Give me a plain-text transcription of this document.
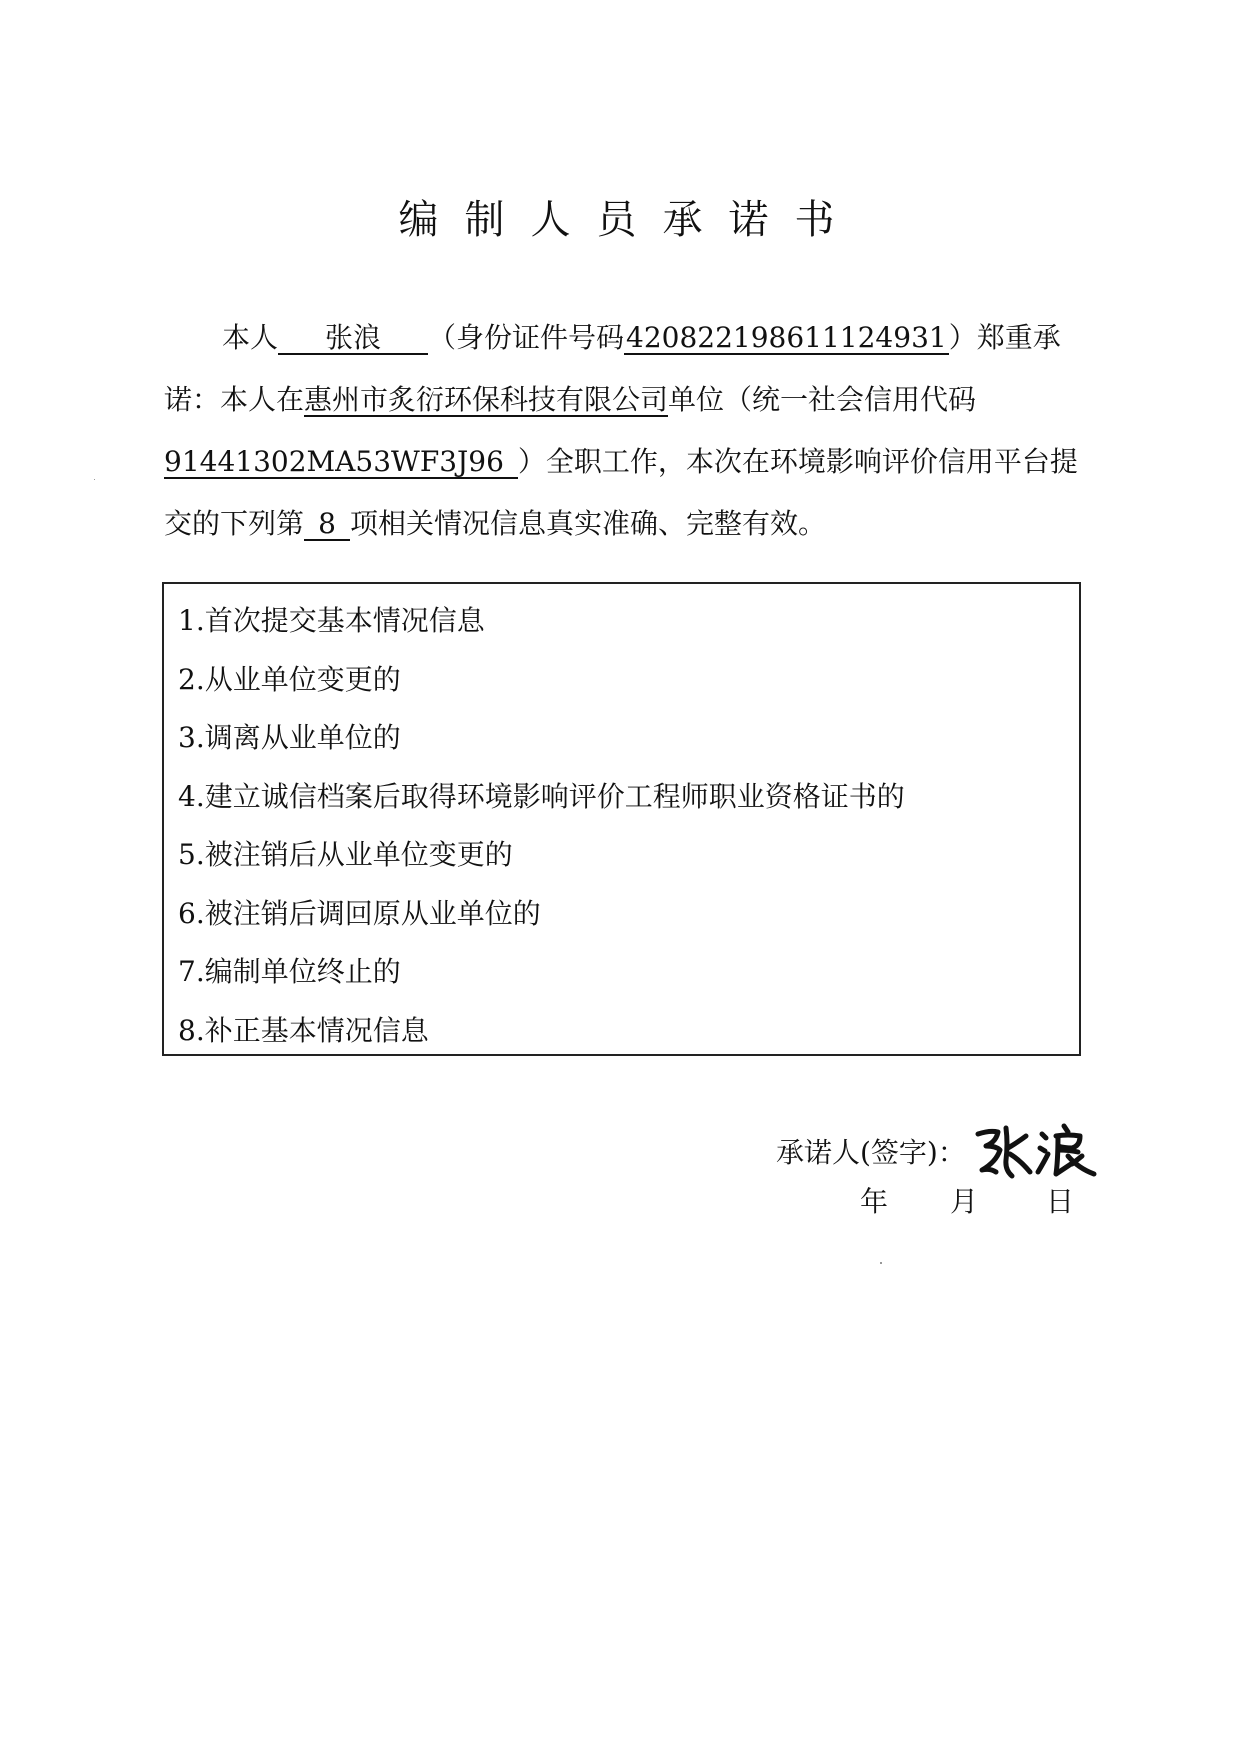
编制人员承诺书
本人 张浪 （身份证件号码420822198611124931）郑重承
诺：本人在惠州市炙衍环保科技有限公司单位（统一社会信用代码
91441302MA53WF3J96 ）全职工作，本次在环境影响评价信用平台提
交的下列第 8 项相关情况信息真实准确、完整有效。
1.首次提交基本情况信息
2.从业单位变更的
3.调离从业单位的
4.建立诚信档案后取得环境影响评价工程师职业资格证书的
5.被注销后从业单位变更的
6.被注销后调回原从业单位的
7.编制单位终止的
8.补正基本情况信息
承诺人(签字)：
年 月 日
